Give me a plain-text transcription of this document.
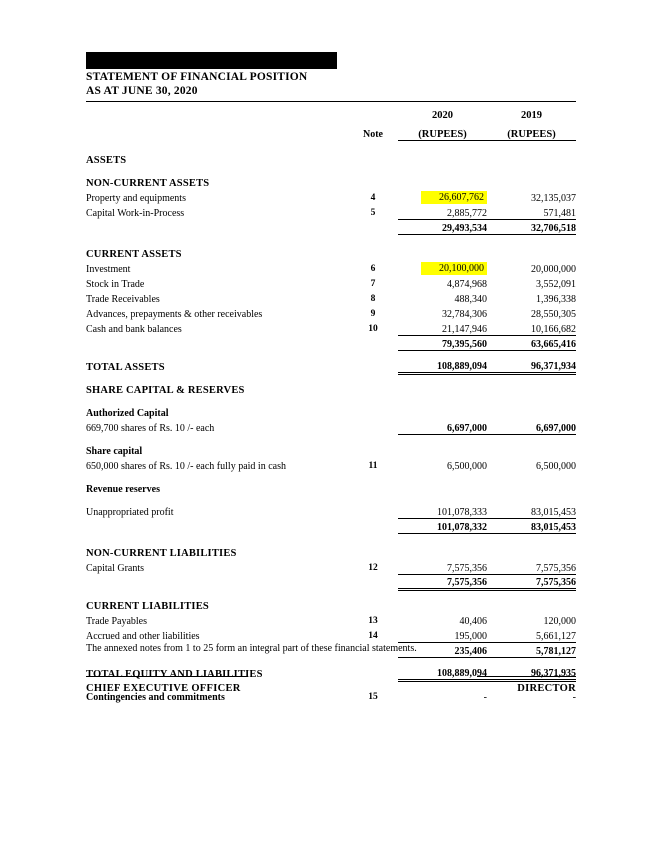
STATEMENT OF FINANCIAL POSITION
AS AT JUNE 30, 2020
	Note	2020	2019
		(RUPEES)	(RUPEES)

ASSETS			

NON-CURRENT ASSETS			
Property and equipments	4	26,607,762	32,135,037
Capital Work-in-Process	5	2,885,772	571,481
		29,493,534	32,706,518

CURRENT ASSETS			
Investment	6	20,100,000	20,000,000
Stock in Trade	7	4,874,968	3,552,091
Trade Receivables	8	488,340	1,396,338
Advances, prepayments & other receivables	9	32,784,306	28,550,305
Cash and bank balances	10	21,147,946	10,166,682
		79,395,560	63,665,416

TOTAL ASSETS		108,889,094	96,371,934

SHARE CAPITAL & RESERVES			

Authorized Capital			
669,700 shares of Rs. 10 /- each		6,697,000	6,697,000

Share capital			
650,000 shares of Rs. 10 /- each fully paid in cash	11	6,500,000	6,500,000

Revenue reserves			

Unappropriated profit		101,078,333	83,015,453
		101,078,332	83,015,453

NON-CURRENT LIABILITIES			
Capital Grants	12	7,575,356	7,575,356
		7,575,356	7,575,356

CURRENT LIABILITIES			
Trade Payables	13	40,406	120,000
Accrued and other liabilities	14	195,000	5,661,127
		235,406	5,781,127

TOTAL EQUITY AND LIABILITIES		108,889,094	96,371,935

Contingencies and commitments	15	-	-
The annexed notes from 1 to 25 form an integral part of these financial statements.
CHIEF EXECUTIVE OFFICER	DIRECTOR
